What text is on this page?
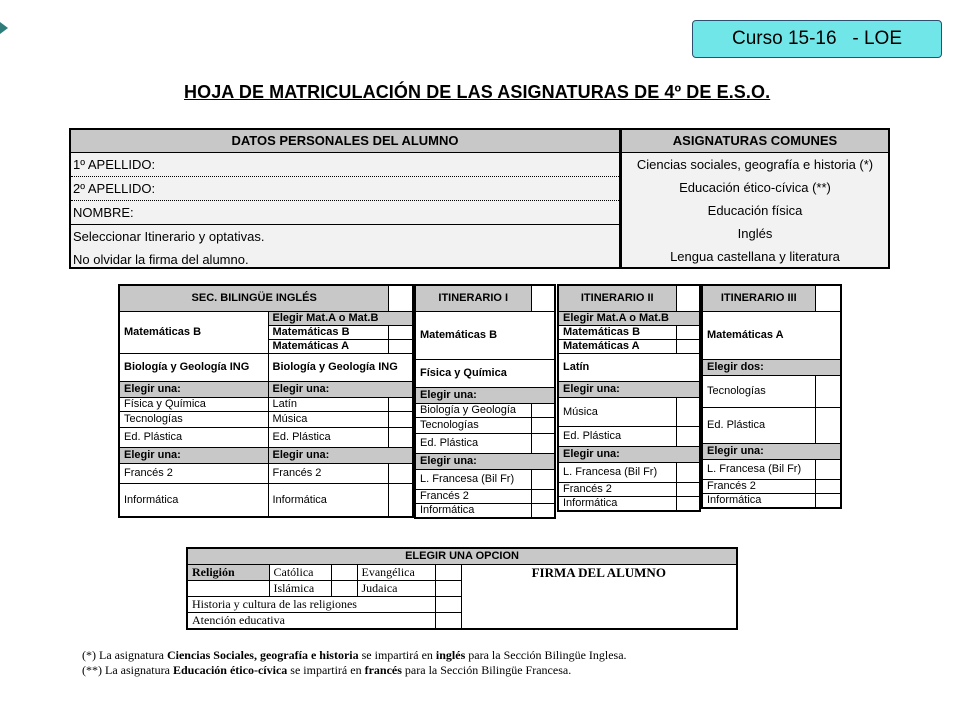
Curso 15-16   - LOE
HOJA DE MATRICULACIÓN DE LAS ASIGNATURAS DE 4º DE E.S.O.
DATOS PERSONALES DEL ALUMNO
1º APELLIDO:
2º APELLIDO:
NOMBRE:
Seleccionar Itinerario y optativas.
No olvidar la firma del alumno.
ASIGNATURAS COMUNES
Ciencias sociales, geografía e historia (*)
Educación ético-cívica (**)
Educación física
Inglés
Lengua castellana y literatura
SEC. BILINGÜE INGLÉS		
Matemáticas B	Elegir Mat.A o Mat.B	
	Matemáticas B	
	Matemáticas A	
Biología y Geología ING	Biología y Geología ING	
Elegir una:	Elegir una:	
Física y Química	Latín	
Tecnologías	Música	
Ed. Plástica	Ed. Plástica	
Elegir una:	Elegir una:	
Francés 2	Francés 2	
Informática	Informática	
ITINERARIO I	
Matemáticas B	
Física y Química	
Elegir una:	
Biología y Geología	
Tecnologías	
Ed. Plástica	
Elegir una:	
L. Francesa (Bil Fr)	
Francés 2	
Informática	
ITINERARIO II	
Elegir Mat.A o Mat.B	
Matemáticas B	
Matemáticas A	
Latín	
Elegir una:	
Música	
Ed. Plástica	
Elegir una:	
L. Francesa (Bil Fr)	
Francés 2	
Informática	
ITINERARIO III	
Matemáticas A	
Elegir dos:	
Tecnologías	
Ed. Plástica	
Elegir una:	
L. Francesa (Bil Fr)	
Francés 2	
Informática	
ELEGIR UNA OPCION					
Religión	Católica		Evangélica		FIRMA DEL ALUMNO
	Islámica		Judaica		
Historia y cultura de las religiones					
Atención educativa					
(*) La asignatura Ciencias Sociales, geografía e historia se impartirá en inglés para la Sección Bilingüe Inglesa.
(**) La asignatura Educación ético-cívica se impartirá en francés para la Sección Bilingüe Francesa.
